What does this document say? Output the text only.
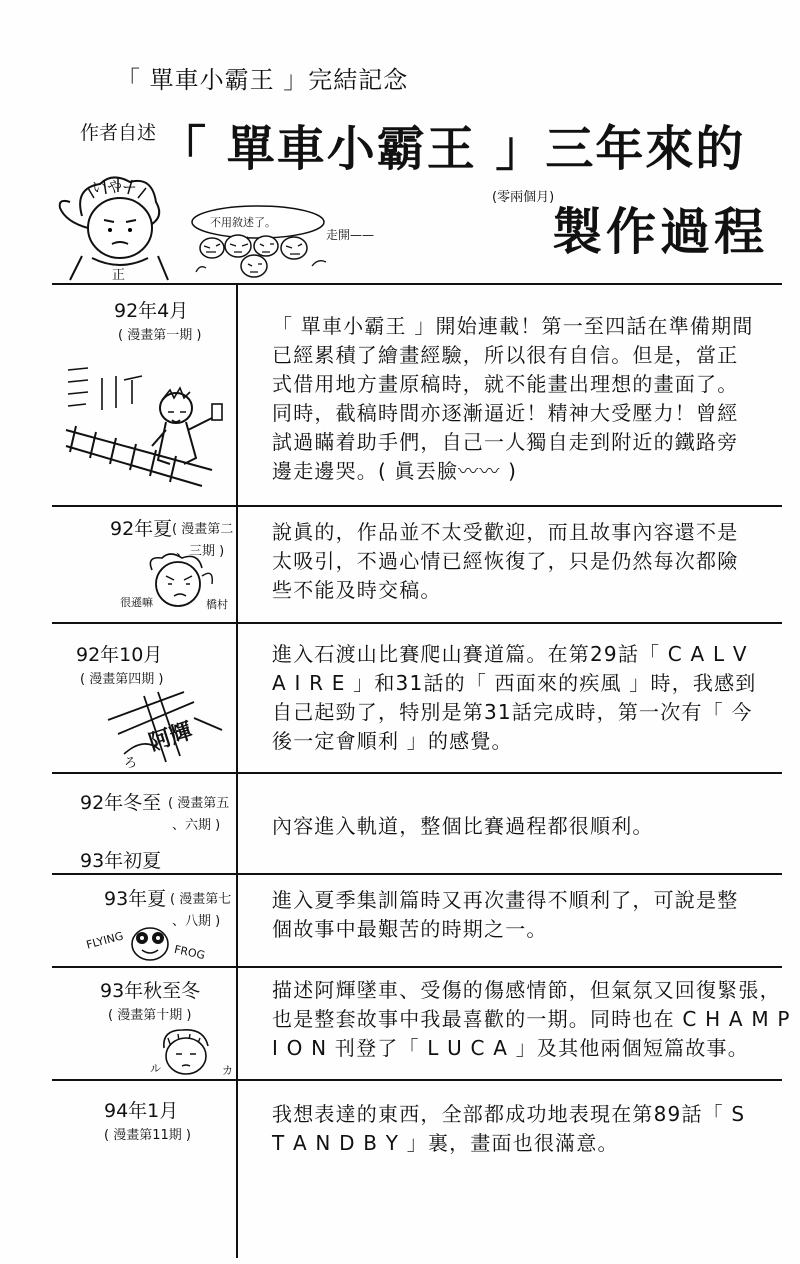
「 單車小霸王 」完結記念
作者自述 「 單車小霸王 」三年來的
(零兩個月)
製作過程
いやー
正
不用敘述了。
走開——
92年4月
( 漫畫第一期 )	「 單車小霸王 」開始連載！第一至四話在準備期間
已經累積了繪畫經驗，所以很有自信。但是，當正
式借用地方畫原稿時，就不能畫出理想的畫面了。
同時，截稿時間亦逐漸逼近！精神大受壓力！曾經
試過瞞着助手們，自己一人獨自走到附近的鐵路旁
邊走邊哭。( 眞丟臉〰〰 )
92年夏 ( 漫畫第二
、三期 )
很遜嘛	橋村
說眞的，作品並不太受歡迎，而且故事內容還不是
太吸引，不過心情已經恢復了，只是仍然每次都險
些不能及時交稿。
92年10月
( 漫畫第四期 )
阿輝
ろ
進入石渡山比賽爬山賽道篇。在第29話「 C A L V
A I R E 」和31話的「 西面來的疾風 」時，我感到
自己起勁了，特別是第31話完成時，第一次有「 今
後一定會順利 」的感覺。
92年冬至 ( 漫畫第五
、六期 )
93年初夏
內容進入軌道，整個比賽過程都很順利。
93年夏 ( 漫畫第七
、八期 )
FLYING
FROG
進入夏季集訓篇時又再次畫得不順利了，可說是整
個故事中最艱苦的時期之一。
93年秋至冬
( 漫畫第十期 )
ル	カ
描述阿輝墜車、受傷的傷感情節，但氣氛又回復緊張，
也是整套故事中我最喜歡的一期。同時也在 C H A M P
I O N 刊登了「 L U C A 」及其他兩個短篇故事。
94年1月
( 漫畫第11期 )
我想表達的東西，全部都成功地表現在第89話「 S
T A N D B Y 」裏，畫面也很滿意。
